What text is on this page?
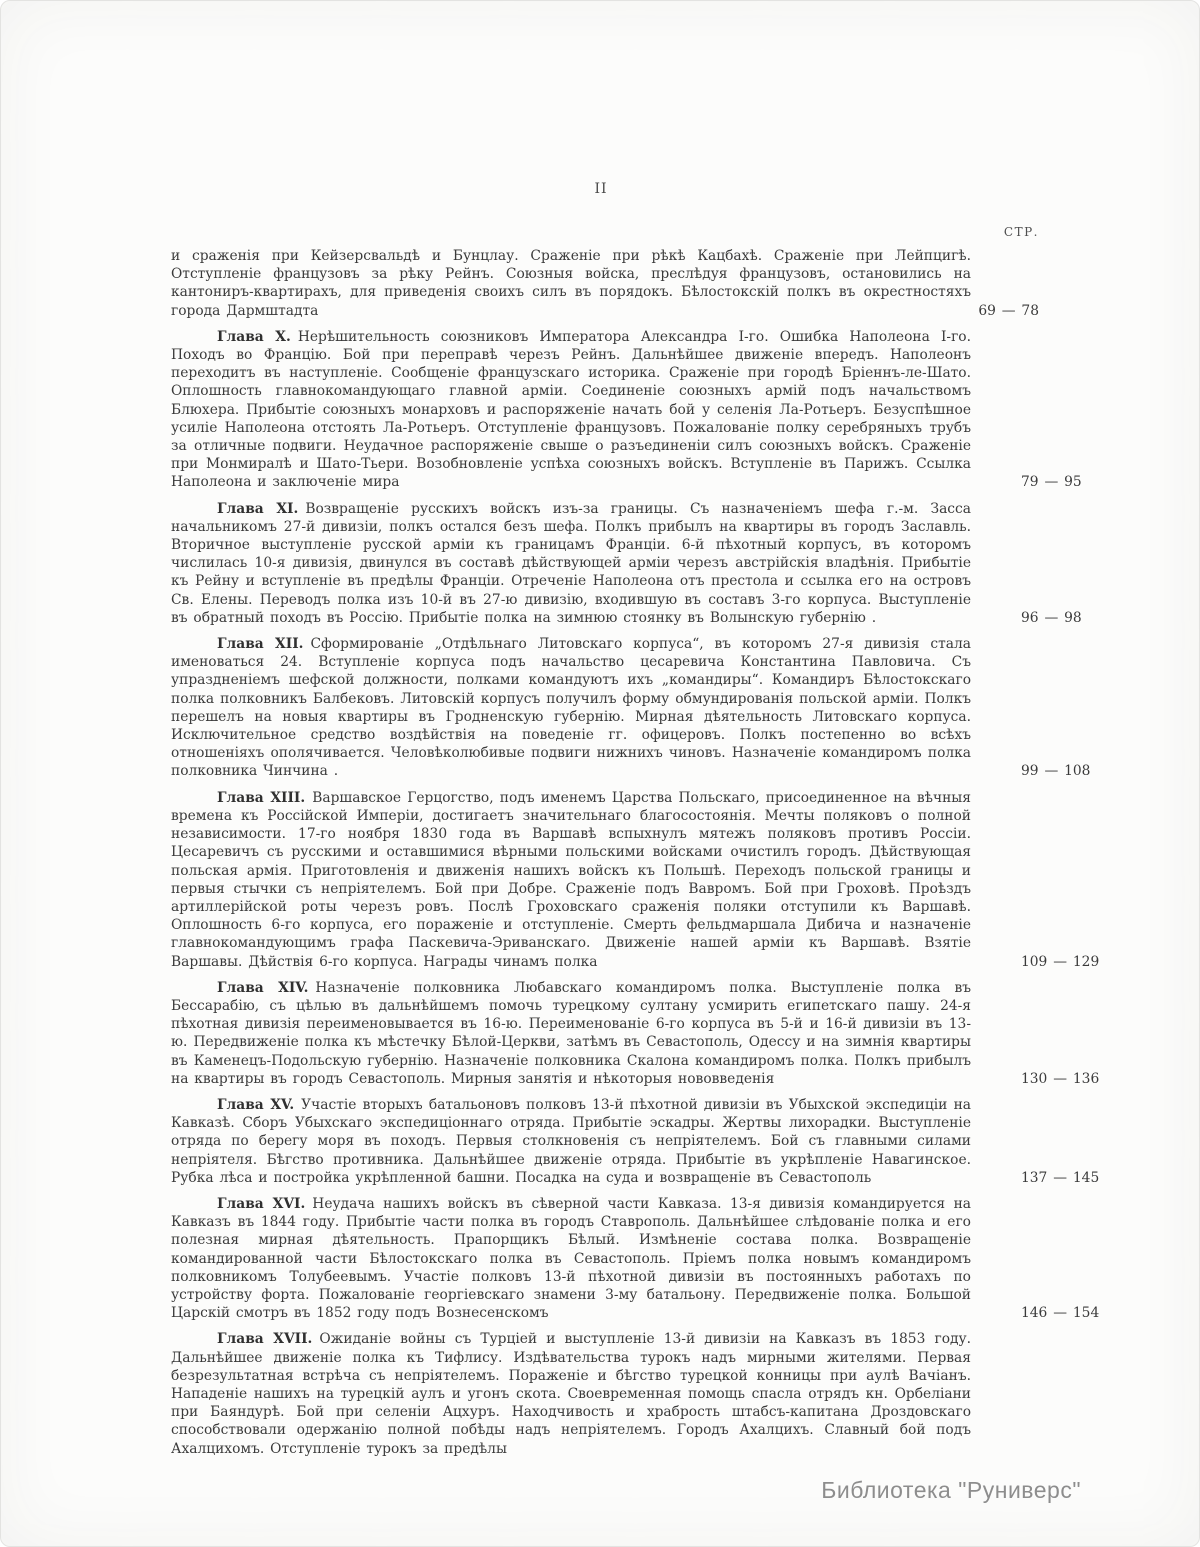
II
СТР.

и сраженія при Кейзерсвальдѣ и Бунцлау. Сраженіе при рѣкѣ Кацбахѣ. Сраженіе при Лейпцигѣ. Отступленіе французовъ за рѣку Рейнъ. Союзныя войска, преслѣдуя французовъ, остановились на кантониръ-квартирахъ, для приведенія своихъ силъ въ порядокъ. Бѣлостокскій полкъ въ окрестностяхъ города Дармштадта	69 — 78

Глава X. Нерѣшительность союзниковъ Императора Александра I-го. Ошибка Наполеона I-го. Походъ во Францію. Бой при переправѣ черезъ Рейнъ. Дальнѣйшее движеніе впередъ. Наполеонъ переходитъ въ наступленіе. Сообщеніе французскаго историка. Сраженіе при городѣ Бріеннъ-ле-Шато. Оплошность главнокомандующаго главной арміи. Соединеніе союзныхъ армій подъ начальствомъ Блюхера. Прибытіе союзныхъ монарховъ и распоряженіе начать бой у селенія Ла-Ротьеръ. Безуспѣшное усиліе Наполеона отстоять Ла-Ротьеръ. Отступленіе французовъ. Пожалованіе полку серебряныхъ трубъ за отличные подвиги. Неудачное распоряженіе свыше о разъединеніи силъ союзныхъ войскъ. Сраженіе при Монмиралѣ и Шато-Тьери. Возобновленіе успѣха союзныхъ войскъ. Вступленіе въ Парижъ. Ссылка Наполеона и заключеніе мира	79 — 95

Глава XI. Возвращеніе русскихъ войскъ изъ-за границы. Съ назначеніемъ шефа г.-м. Засса начальникомъ 27-й дивизіи, полкъ остался безъ шефа. Полкъ прибылъ на квартиры въ городъ Заславль. Вторичное выступленіе русской арміи къ границамъ Франціи. 6-й пѣхотный корпусъ, въ которомъ числилась 10-я дивизія, двинулся въ составѣ дѣйствующей арміи черезъ австрійскія владѣнія. Прибытіе къ Рейну и вступленіе въ предѣлы Франціи. Отреченіе Наполеона отъ престола и ссылка его на островъ Св. Елены. Переводъ полка изъ 10-й въ 27-ю дивизію, входившую въ составъ 3-го корпуса. Выступленіе въ обратный походъ въ Россію. Прибытіе полка на зимнюю стоянку въ Волынскую губернію .	96 — 98

Глава XII. Сформированіе „Отдѣльнаго Литовскаго корпуса“, въ которомъ 27-я дивизія стала именоваться 24. Вступленіе корпуса подъ начальство цесаревича Константина Павловича. Съ упраздненіемъ шефской должности, полками командуютъ ихъ „командиры“. Командиръ Бѣлостокскаго полка полковникъ Балбековъ. Литовскій корпусъ получилъ форму обмундированія польской арміи. Полкъ перешелъ на новыя квартиры въ Гродненскую губернію. Мирная дѣятельность Литовскаго корпуса. Исключительное средство воздѣйствія на поведеніе гг. офицеровъ. Полкъ постепенно во всѣхъ отношеніяхъ ополячивается. Человѣколюбивые подвиги нижнихъ чиновъ. Назначеніе командиромъ полка полковника Чинчина .	99 — 108

Глава XIII. Варшавское Герцогство, подъ именемъ Царства Польскаго, присоединенное на вѣчныя времена къ Россійской Имперіи, достигаетъ значительнаго благосостоянія. Мечты поляковъ о полной независимости. 17-го ноября 1830 года въ Варшавѣ вспыхнулъ мятежъ поляковъ противъ Россіи. Цесаревичъ съ русскими и оставшимися вѣрными польскими войсками очистилъ городъ. Дѣйствующая польская армія. Приготовленія и движенія нашихъ войскъ къ Польшѣ. Переходъ польской границы и первыя стычки съ непріятелемъ. Бой при Добре. Сраженіе подъ Вавромъ. Бой при Гроховѣ. Проѣздъ артиллерійской роты черезъ ровъ. Послѣ Гроховскаго сраженія поляки отступили къ Варшавѣ. Оплошность 6-го корпуса, его пораженіе и отступленіе. Смерть фельдмаршала Дибича и назначеніе главнокомандующимъ графа Паскевича-Эриванскаго. Движеніе нашей арміи къ Варшавѣ. Взятіе Варшавы. Дѣйствія 6-го корпуса. Награды чинамъ полка	109 — 129

Глава XIV. Назначеніе полковника Любавскаго командиромъ полка. Выступленіе полка въ Бессарабію, съ цѣлью въ дальнѣйшемъ помочь турецкому султану усмирить египетскаго пашу. 24-я пѣхотная дивизія переименовывается въ 16-ю. Переименованіе 6-го корпуса въ 5-й и 16-й дивизіи въ 13-ю. Передвиженіе полка къ мѣстечку Бѣлой-Церкви, затѣмъ въ Севастополь, Одессу и на зимнія квартиры въ Каменецъ-Подольскую губернію. Назначеніе полковника Скалона командиромъ полка. Полкъ прибылъ на квартиры въ городъ Севастополь. Мирныя занятія и нѣкоторыя нововведенія	130 — 136

Глава XV. Участіе вторыхъ батальоновъ полковъ 13-й пѣхотной дивизіи въ Убыхской экспедиціи на Кавказѣ. Сборъ Убыхскаго экспедиціоннаго отряда. Прибытіе эскадры. Жертвы лихорадки. Выступленіе отряда по берегу моря въ походъ. Первыя столкновенія съ непріятелемъ. Бой съ главными силами непріятеля. Бѣгство противника. Дальнѣйшее движеніе отряда. Прибытіе въ укрѣпленіе Навагинское. Рубка лѣса и постройка укрѣпленной башни. Посадка на суда и возвращеніе въ Севастополь	137 — 145

Глава XVI. Неудача нашихъ войскъ въ сѣверной части Кавказа. 13-я дивизія командируется на Кавказъ въ 1844 году. Прибытіе части полка въ городъ Ставрополь. Дальнѣйшее слѣдованіе полка и его полезная мирная дѣятельность. Прапорщикъ Бѣлый. Измѣненіе состава полка. Возвращеніе командированной части Бѣлостокскаго полка въ Севастополь. Пріемъ полка новымъ командиромъ полковникомъ Толубеевымъ. Участіе полковъ 13-й пѣхотной дивизіи въ постоянныхъ работахъ по устройству форта. Пожалованіе георгіевскаго знамени 3-му батальону. Передвиженіе полка. Большой Царскій смотръ въ 1852 году подъ Вознесенскомъ	146 — 154

Глава XVII. Ожиданіе войны съ Турціей и выступленіе 13-й дивизіи на Кавказъ въ 1853 году. Дальнѣйшее движеніе полка къ Тифлису. Издѣвательства турокъ надъ мирными жителями. Первая безрезультатная встрѣча съ непріятелемъ. Пораженіе и бѣгство турецкой конницы при аулѣ Вачіанъ. Нападеніе нашихъ на турецкій аулъ и угонъ скота. Своевременная помощь спасла отрядъ кн. Орбеліани при Баяндурѣ. Бой при селеніи Ацхуръ. Находчивость и храбрость штабсъ-капитана Дроздовскаго способствовали одержанію полной побѣды надъ непріятелемъ. Городъ Ахалцихъ. Славный бой подъ Ахалцихомъ. Отступленіе турокъ за предѣлы

Библиотека "Руниверс"
